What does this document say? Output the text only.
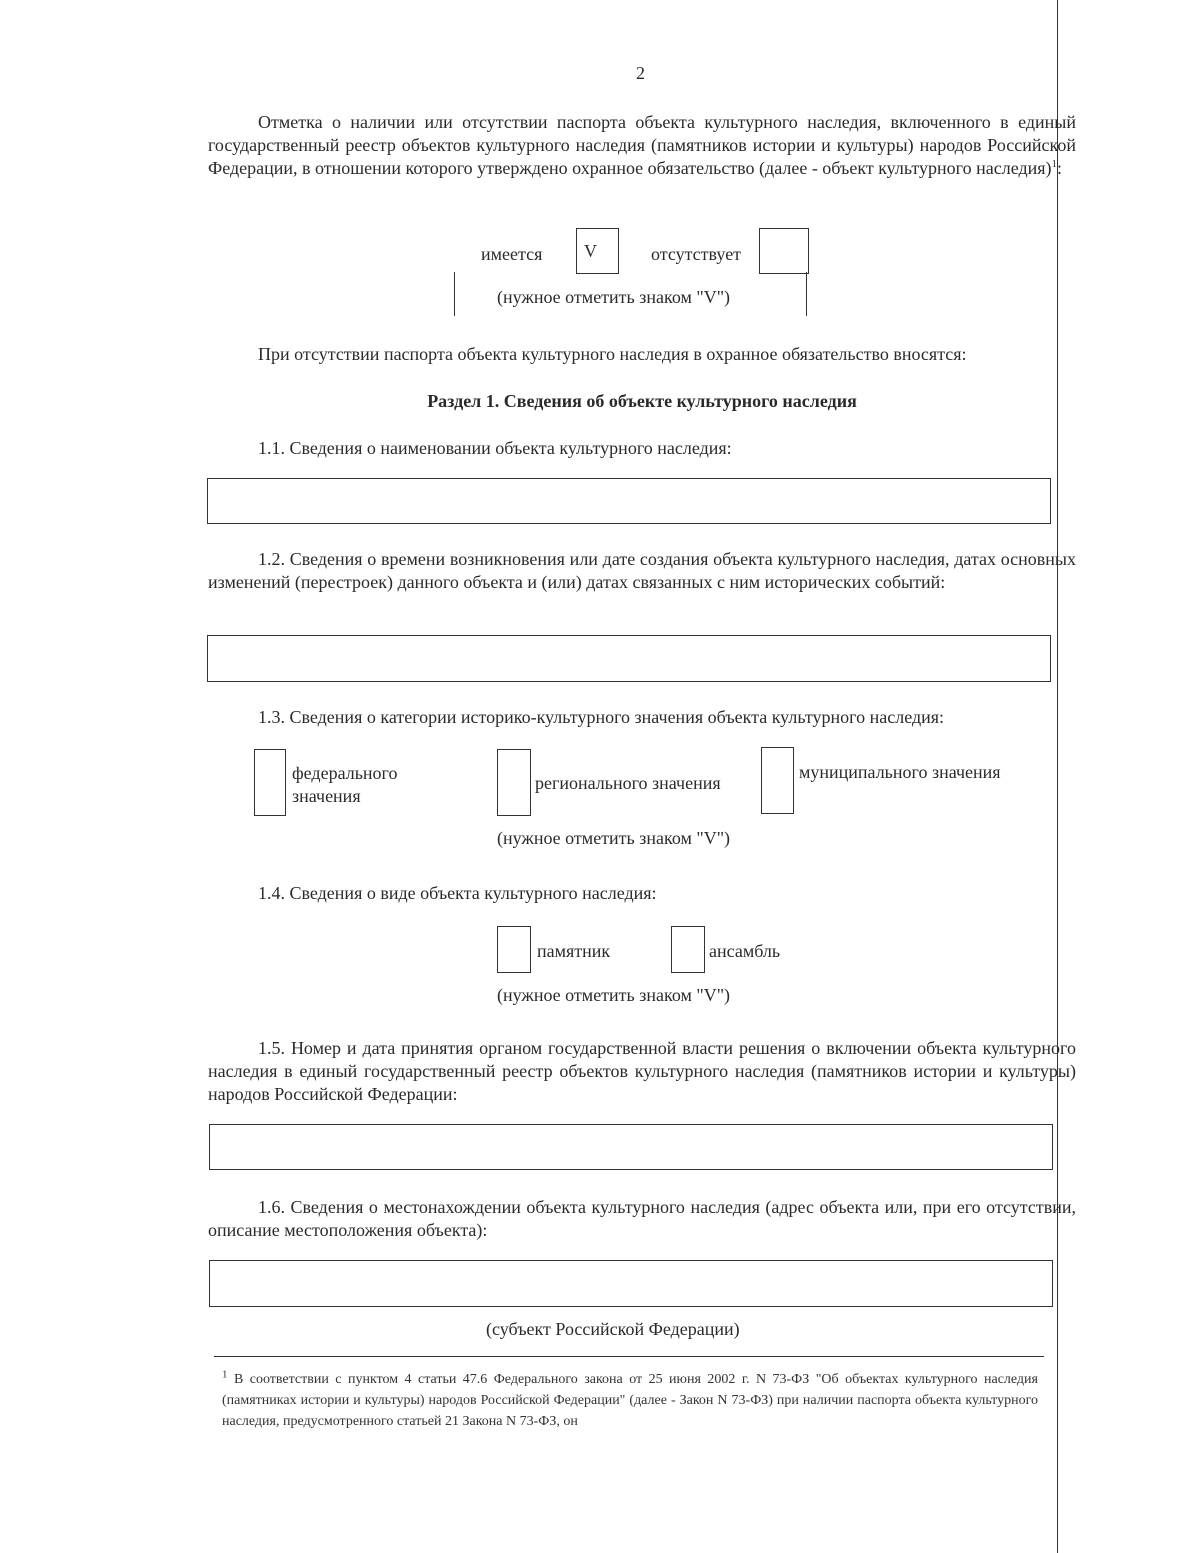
2
Отметка о наличии или отсутствии паспорта объекта культурного наследия, включенного в единый государственный реестр объектов культурного наследия (памятников истории и культуры) народов Российской Федерации, в отношении которого утверждено охранное обязательство (далее - объект культурного наследия)$^1$:
имеется V	отсутствует
(нужное отметить знаком "V")
При отсутствии паспорта объекта культурного наследия в охранное обязательство вносятся:
Раздел 1. Сведения об объекте культурного наследия
1.1. Сведения о наименовании объекта культурного наследия:
1.2. Сведения о времени возникновения или дате создания объекта культурного наследия, датах основных изменений (перестроек) данного объекта и (или) датах связанных с ним исторических событий:
1.3. Сведения о категории историко-культурного значения объекта культурного наследия:
федерального значения
регионального значения
муниципального значения
(нужное отметить знаком "V")
1.4. Сведения о виде объекта культурного наследия:
памятник	ансамбль
(нужное отметить знаком "V")
1.5. Номер и дата принятия органом государственной власти решения о включении объекта культурного наследия в единый государственный реестр объектов культурного наследия (памятников истории и культуры) народов Российской Федерации:
1.6. Сведения о местонахождении объекта культурного наследия (адрес объекта или, при его отсутствии, описание местоположения объекта):
(субъект Российской Федерации)
$^1$ В соответствии с пунктом 4 статьи 47.6 Федерального закона от 25 июня 2002 г. N 73-ФЗ "Об объектах культурного наследия (памятниках истории и культуры) народов Российской Федерации" (далее - Закон N 73-ФЗ) при наличии паспорта объекта культурного наследия, предусмотренного статьей 21 Закона N 73-ФЗ, он
